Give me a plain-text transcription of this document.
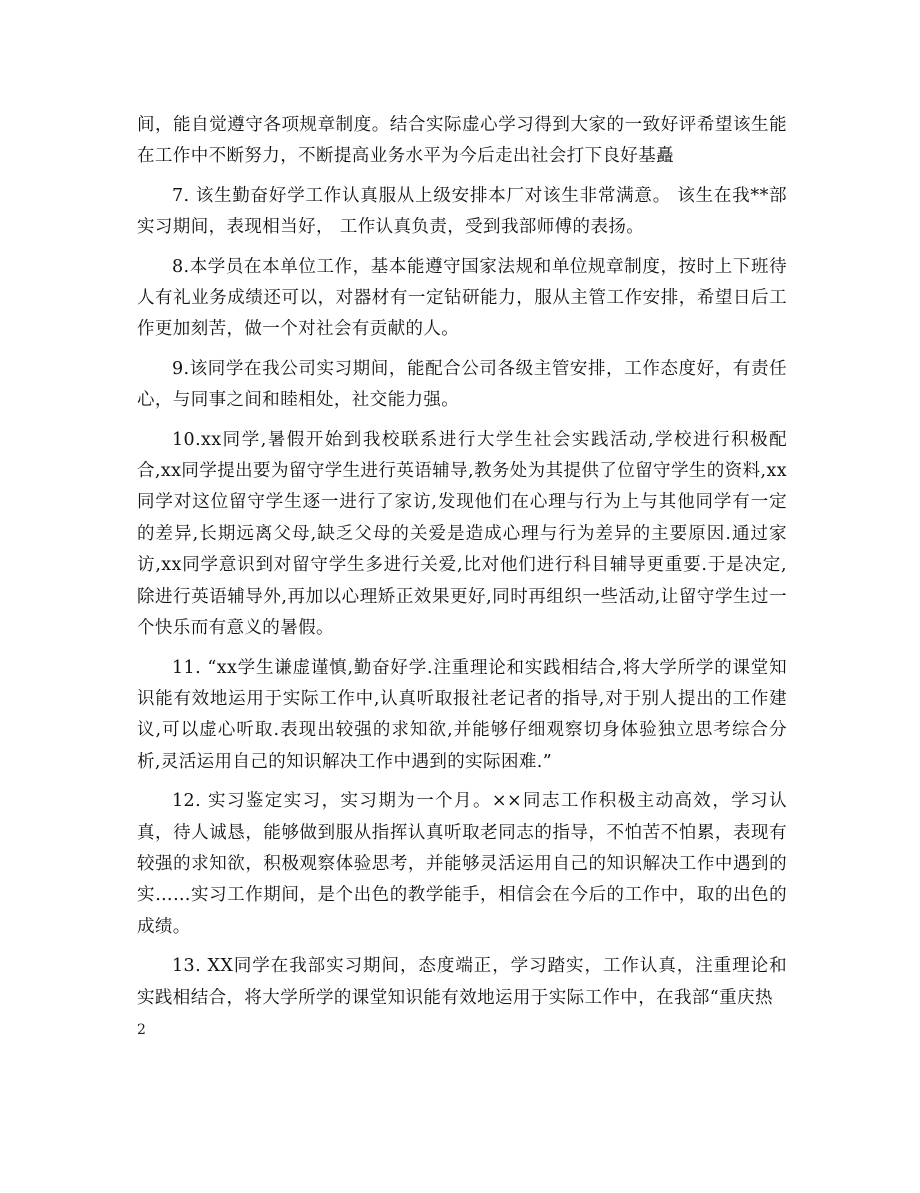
间，能自觉遵守各项规章制度。结合实际虚心学习得到大家的一致好评希望该生能在工作中不断努力，不断提高业务水平为今后走出社会打下良好基矗

7. 该生勤奋好学工作认真服从上级安排本厂对该生非常满意。 该生在我**部实习期间，表现相当好， 工作认真负责，受到我部师傅的表扬。

8.本学员在本单位工作，基本能遵守国家法规和单位规章制度，按时上下班待人有礼业务成绩还可以，对器材有一定钻研能力，服从主管工作安排，希望日后工作更加刻苦，做一个对社会有贡献的人。

9.该同学在我公司实习期间，能配合公司各级主管安排，工作态度好，有责任心，与同事之间和睦相处，社交能力强。

10.xx同学,暑假开始到我校联系进行大学生社会实践活动,学校进行积极配合,xx同学提出要为留守学生进行英语辅导,教务处为其提供了位留守学生的资料,xx同学对这位留守学生逐一进行了家访,发现他们在心理与行为上与其他同学有一定的差异,长期远离父母,缺乏父母的关爱是造成心理与行为差异的主要原因.通过家访,xx同学意识到对留守学生多进行关爱,比对他们进行科目辅导更重要.于是决定,除进行英语辅导外,再加以心理矫正效果更好,同时再组织一些活动,让留守学生过一个快乐而有意义的暑假。

11. “xx学生谦虚谨慎,勤奋好学.注重理论和实践相结合,将大学所学的课堂知识能有效地运用于实际工作中,认真听取报社老记者的指导,对于别人提出的工作建议,可以虚心听取.表现出较强的求知欲,并能够仔细观察切身体验独立思考综合分析,灵活运用自己的知识解决工作中遇到的实际困难.”

12. 实习鉴定实习，实习期为一个月。××同志工作积极主动高效，学习认真，待人诚恳，能够做到服从指挥认真听取老同志的指导，不怕苦不怕累，表现有较强的求知欲，积极观察体验思考，并能够灵活运用自己的知识解决工作中遇到的实……实习工作期间，是个出色的教学能手，相信会在今后的工作中，取的出色的成绩。

13. XX同学在我部实习期间，态度端正，学习踏实，工作认真，注重理论和实践相结合，将大学所学的课堂知识能有效地运用于实际工作中，在我部“重庆热

2
